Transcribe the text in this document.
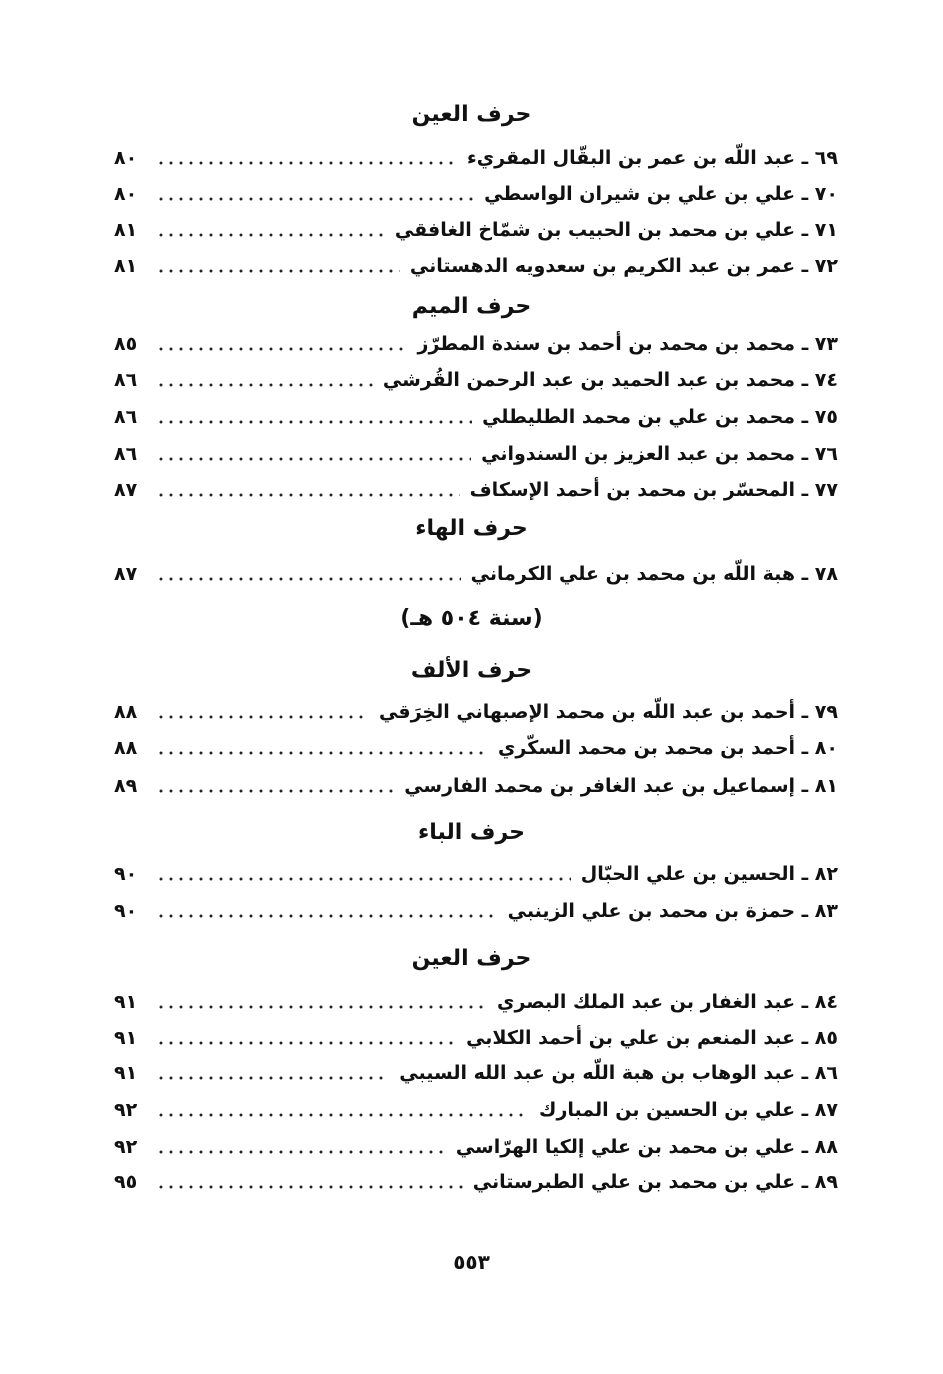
حرف العين
٦٩ ـ عبد اللّه بن عمر بن البقّال المقريء
٨٠
٧٠ ـ علي بن علي بن شيران الواسطي
٨٠
٧١ ـ علي بن محمد بن الحبيب بن شمّاخ الغافقي
٨١
٧٢ ـ عمر بن عبد الكريم بن سعدويه الدهستاني
٨١
حرف الميم
٧٣ ـ محمد بن محمد بن أحمد بن سندة المطرّز
٨٥
٧٤ ـ محمد بن عبد الحميد بن عبد الرحمن القُرشي
٨٦
٧٥ ـ محمد بن علي بن محمد الطليطلي
٨٦
٧٦ ـ محمد بن عبد العزيز بن السندواني
٨٦
٧٧ ـ المحسّر بن محمد بن أحمد الإسكاف
٨٧
حرف الهاء
٧٨ ـ هبة اللّه بن محمد بن علي الكرماني
٨٧
(سنة ٥٠٤ هـ)
حرف الألف
٧٩ ـ أحمد بن عبد اللّه بن محمد الإصبهاني الخِرَقي
٨٨
٨٠ ـ أحمد بن محمد بن محمد السكّري
٨٨
٨١ ـ إسماعيل بن عبد الغافر بن محمد الفارسي
٨٩
حرف الباء
٨٢ ـ الحسين بن علي الحبّال
٩٠
٨٣ ـ حمزة بن محمد بن علي الزينبي
٩٠
حرف العين
٨٤ ـ عبد الغفار بن عبد الملك البصري
٩١
٨٥ ـ عبد المنعم بن علي بن أحمد الكلابي
٩١
٨٦ ـ عبد الوهاب بن هبة اللّه بن عبد الله السيبي
٩١
٨٧ ـ علي بن الحسين بن المبارك
٩٢
٨٨ ـ علي بن محمد بن علي إلكيا الهرّاسي
٩٢
٨٩ ـ علي بن محمد بن علي الطبرستاني
٩٥
٥٥٣
